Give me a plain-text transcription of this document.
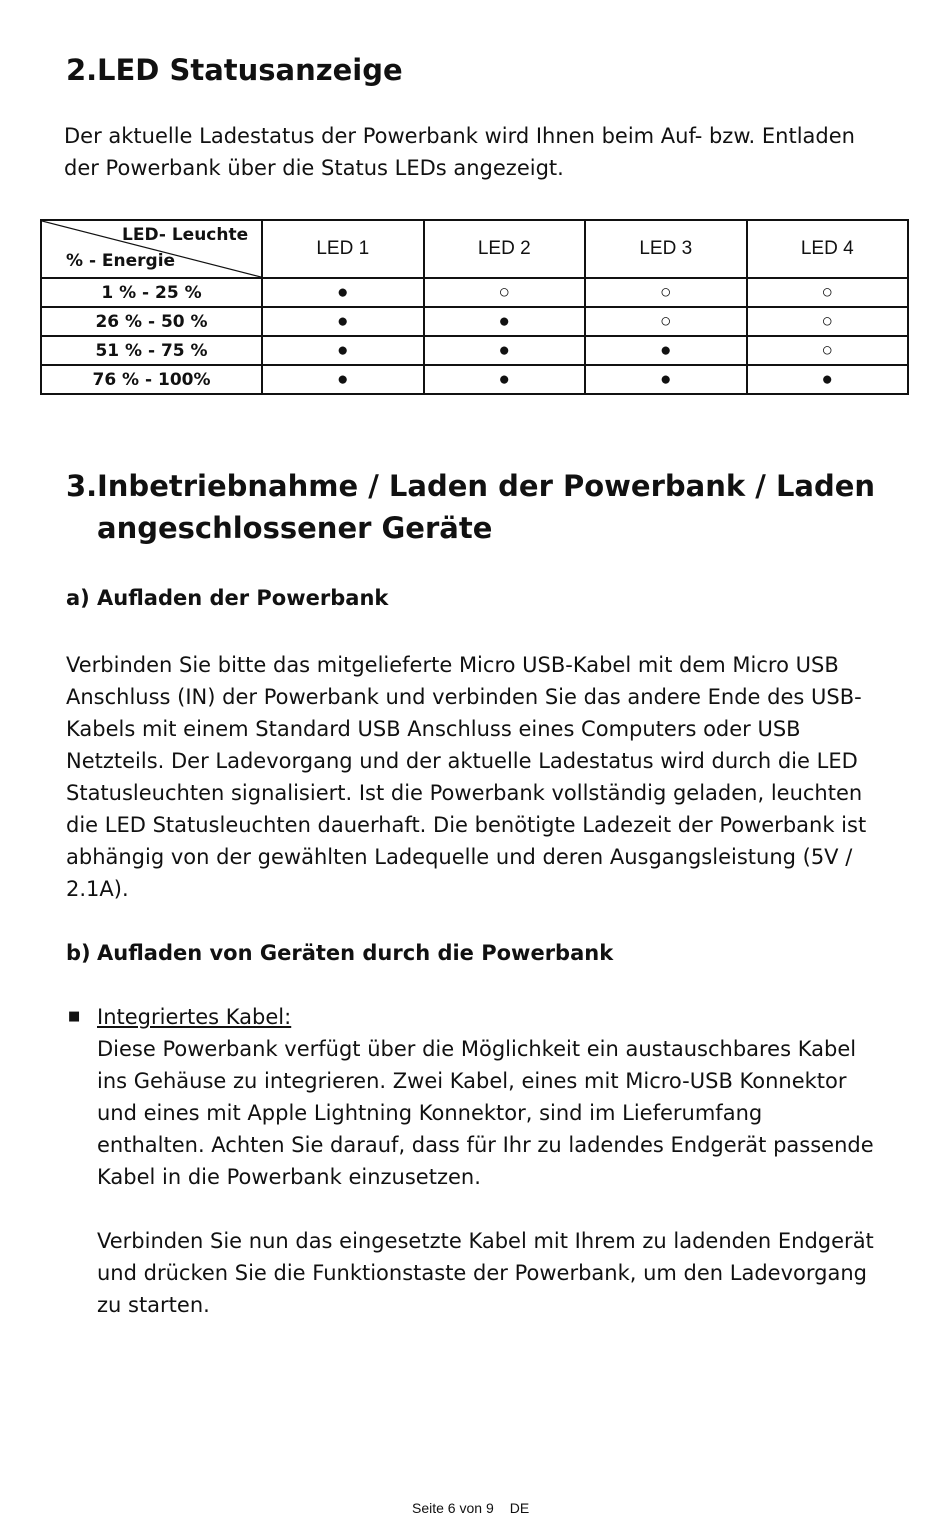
2.LED Statusanzeige

Der aktuelle Ladestatus der Powerbank wird Ihnen beim Auf- bzw. Entladen
der Powerbank über die Status LEDs angezeigt.

LED- Leuchte
% - Energie	LED 1	LED 2	LED 3	LED 4
1 % - 25 %	●	○	○	○
26 % - 50 %	●	●	○	○
51 % - 75 %	●	●	●	○
76 % - 100%	●	●	●	●
3.Inbetriebnahme / Laden der Powerbank / Laden
angeschlossener Geräte
a) Aufladen der Powerbank

Verbinden Sie bitte das mitgelieferte Micro USB-Kabel mit dem Micro USB
Anschluss (IN) der Powerbank und verbinden Sie das andere Ende des USB-
Kabels mit einem Standard USB Anschluss eines Computers oder USB
Netzteils. Der Ladevorgang und der aktuelle Ladestatus wird durch die LED
Statusleuchten signalisiert. Ist die Powerbank vollständig geladen, leuchten
die LED Statusleuchten dauerhaft. Die benötigte Ladezeit der Powerbank ist
abhängig von der gewählten Ladequelle und deren Ausgangsleistung (5V /
2.1A).

b) Aufladen von Geräten durch die Powerbank
■ Integriertes Kabel:

Diese Powerbank verfügt über die Möglichkeit ein austauschbares Kabel
ins Gehäuse zu integrieren. Zwei Kabel, eines mit Micro-USB Konnektor
und eines mit Apple Lightning Konnektor, sind im Lieferumfang
enthalten. Achten Sie darauf, dass für Ihr zu ladendes Endgerät passende
Kabel in die Powerbank einzusetzen.

Verbinden Sie nun das eingesetzte Kabel mit Ihrem zu ladenden Endgerät
und drücken Sie die Funktionstaste der Powerbank, um den Ladevorgang
zu starten.

Seite 6 von 9 DE
